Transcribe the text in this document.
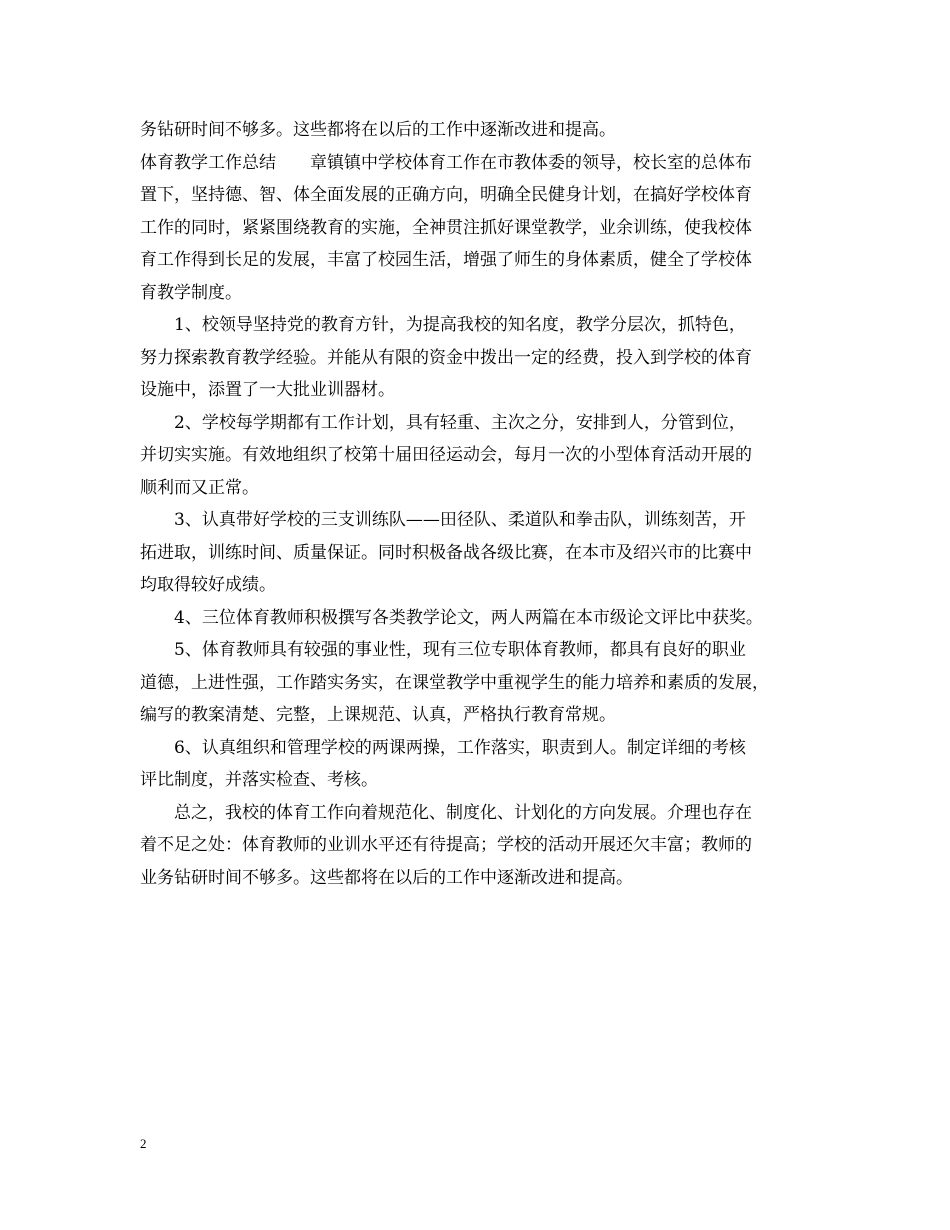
务钻研时间不够多。这些都将在以后的工作中逐渐改进和提高。
体育教学工作总结　　章镇镇中学校体育工作在市教体委的领导，校长室的总体布
置下，坚持德、智、体全面发展的正确方向，明确全民健身计划，在搞好学校体育
工作的同时，紧紧围绕教育的实施，全神贯注抓好课堂教学，业余训练，使我校体
育工作得到长足的发展，丰富了校园生活，增强了师生的身体素质，健全了学校体
育教学制度。
　　1、校领导坚持党的教育方针，为提高我校的知名度，教学分层次，抓特色，
努力探索教育教学经验。并能从有限的资金中拨出一定的经费，投入到学校的体育
设施中，添置了一大批业训器材。
　　2、学校每学期都有工作计划，具有轻重、主次之分，安排到人，分管到位，
并切实实施。有效地组织了校第十届田径运动会，每月一次的小型体育活动开展的
顺利而又正常。
　　3、认真带好学校的三支训练队——田径队、柔道队和拳击队，训练刻苦，开
拓进取，训练时间、质量保证。同时积极备战各级比赛，在本市及绍兴市的比赛中
均取得较好成绩。
　　4、三位体育教师积极撰写各类教学论文，两人两篇在本市级论文评比中获奖。
　　5、体育教师具有较强的事业性，现有三位专职体育教师，都具有良好的职业
道德，上进性强，工作踏实务实，在课堂教学中重视学生的能力培养和素质的发展，
编写的教案清楚、完整，上课规范、认真，严格执行教育常规。
　　6、认真组织和管理学校的两课两操，工作落实，职责到人。制定详细的考核
评比制度，并落实检查、考核。
　　总之，我校的体育工作向着规范化、制度化、计划化的方向发展。介理也存在
着不足之处：体育教师的业训水平还有待提高；学校的活动开展还欠丰富；教师的
业务钻研时间不够多。这些都将在以后的工作中逐渐改进和提高。
2
